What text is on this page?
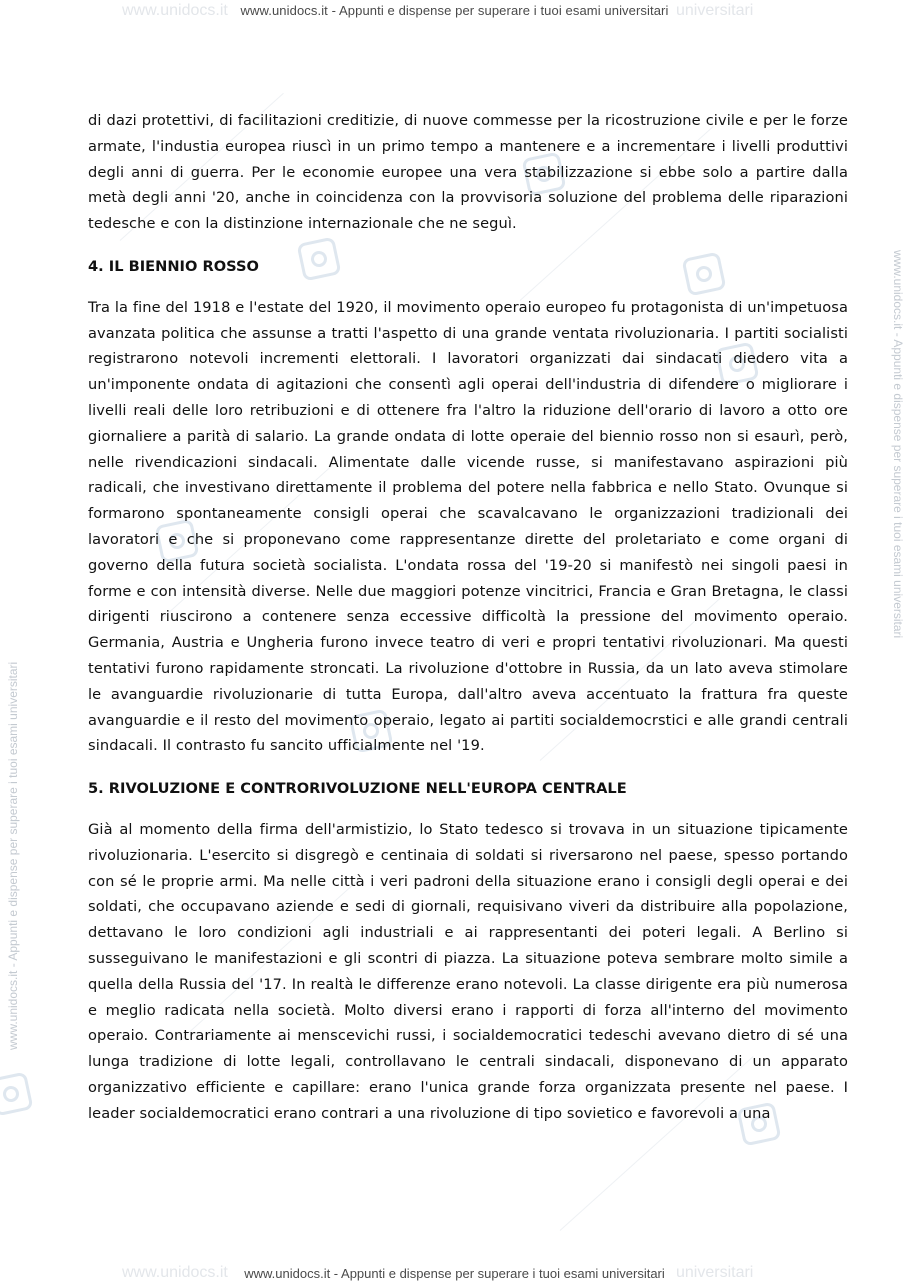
www.unidocs.it	universitari
www.unidocs.it	universitari
www.unidocs.it - Appunti e dispense per superare i tuoi esami universitari
www.unidocs.it - Appunti e dispense per superare i tuoi esami universitari
www.unidocs.it - Appunti e dispense per superare i tuoi esami universitari
www.unidocs.it - Appunti e dispense per superare i tuoi esami universitari

di dazi protettivi, di facilitazioni creditizie, di nuove commesse per la ricostruzione civile e per le forze armate, l'industia europea riuscì in un primo tempo a mantenere e a incrementare i livelli produttivi degli anni di guerra. Per le economie europee una vera stabilizzazione si ebbe solo a partire dalla metà degli anni '20, anche in coincidenza con la provvisoria soluzione del problema delle riparazioni tedesche e con la distinzione internazionale che ne seguì.

4. IL BIENNIO ROSSO

Tra la fine del 1918 e l'estate del 1920, il movimento operaio europeo fu protagonista di un'impetuosa avanzata politica che assunse a tratti l'aspetto di una grande ventata rivoluzionaria. I partiti socialisti registrarono notevoli incrementi elettorali. I lavoratori organizzati dai sindacati diedero vita a un'imponente ondata di agitazioni che consentì agli operai dell'industria di difendere o migliorare i livelli reali delle loro retribuzioni e di ottenere fra l'altro la riduzione dell'orario di lavoro a otto ore giornaliere a parità di salario. La grande ondata di lotte operaie del biennio rosso non si esaurì, però, nelle rivendicazioni sindacali. Alimentate dalle vicende russe, si manifestavano aspirazioni più radicali, che investivano direttamente il problema del potere nella fabbrica e nello Stato. Ovunque si formarono spontaneamente consigli operai che scavalcavano le organizzazioni tradizionali dei lavoratori e che si proponevano come rappresentanze dirette del proletariato e come organi di governo della futura società socialista. L'ondata rossa del '19-20 si manifestò nei singoli paesi in forme e con intensità diverse. Nelle due maggiori potenze vincitrici, Francia e Gran Bretagna, le classi dirigenti riuscirono a contenere senza eccessive difficoltà la pressione del movimento operaio. Germania, Austria e Ungheria furono invece teatro di veri e propri tentativi rivoluzionari. Ma questi tentativi furono rapidamente stroncati. La rivoluzione d'ottobre in Russia, da un lato aveva stimolare le avanguardie rivoluzionarie di tutta Europa, dall'altro aveva accentuato la frattura fra queste avanguardie e il resto del movimento operaio, legato ai partiti socialdemocrstici e alle grandi centrali sindacali. Il contrasto fu sancito ufficialmente nel '19.

5. RIVOLUZIONE E CONTRORIVOLUZIONE NELL'EUROPA CENTRALE

Già al momento della firma dell'armistizio, lo Stato tedesco si trovava in un situazione tipicamente rivoluzionaria. L'esercito si disgregò e centinaia di soldati si riversarono nel paese, spesso portando con sé le proprie armi. Ma nelle città i veri padroni della situazione erano i consigli degli operai e dei soldati, che occupavano aziende e sedi di giornali, requisivano viveri da distribuire alla popolazione, dettavano le loro condizioni agli industriali e ai rappresentanti dei poteri legali. A Berlino si susseguivano le manifestazioni e gli scontri di piazza. La situazione poteva sembrare molto simile a quella della Russia del '17. In realtà le differenze erano notevoli. La classe dirigente era più numerosa e meglio radicata nella società. Molto diversi erano i rapporti di forza all'interno del movimento operaio. Contrariamente ai menscevichi russi, i socialdemocratici tedeschi avevano dietro di sé una lunga tradizione di lotte legali, controllavano le centrali sindacali, disponevano di un apparato organizzativo efficiente e capillare: erano l'unica grande forza organizzata presente nel paese. I leader socialdemocratici erano contrari a una rivoluzione di tipo sovietico e favorevoli a una
